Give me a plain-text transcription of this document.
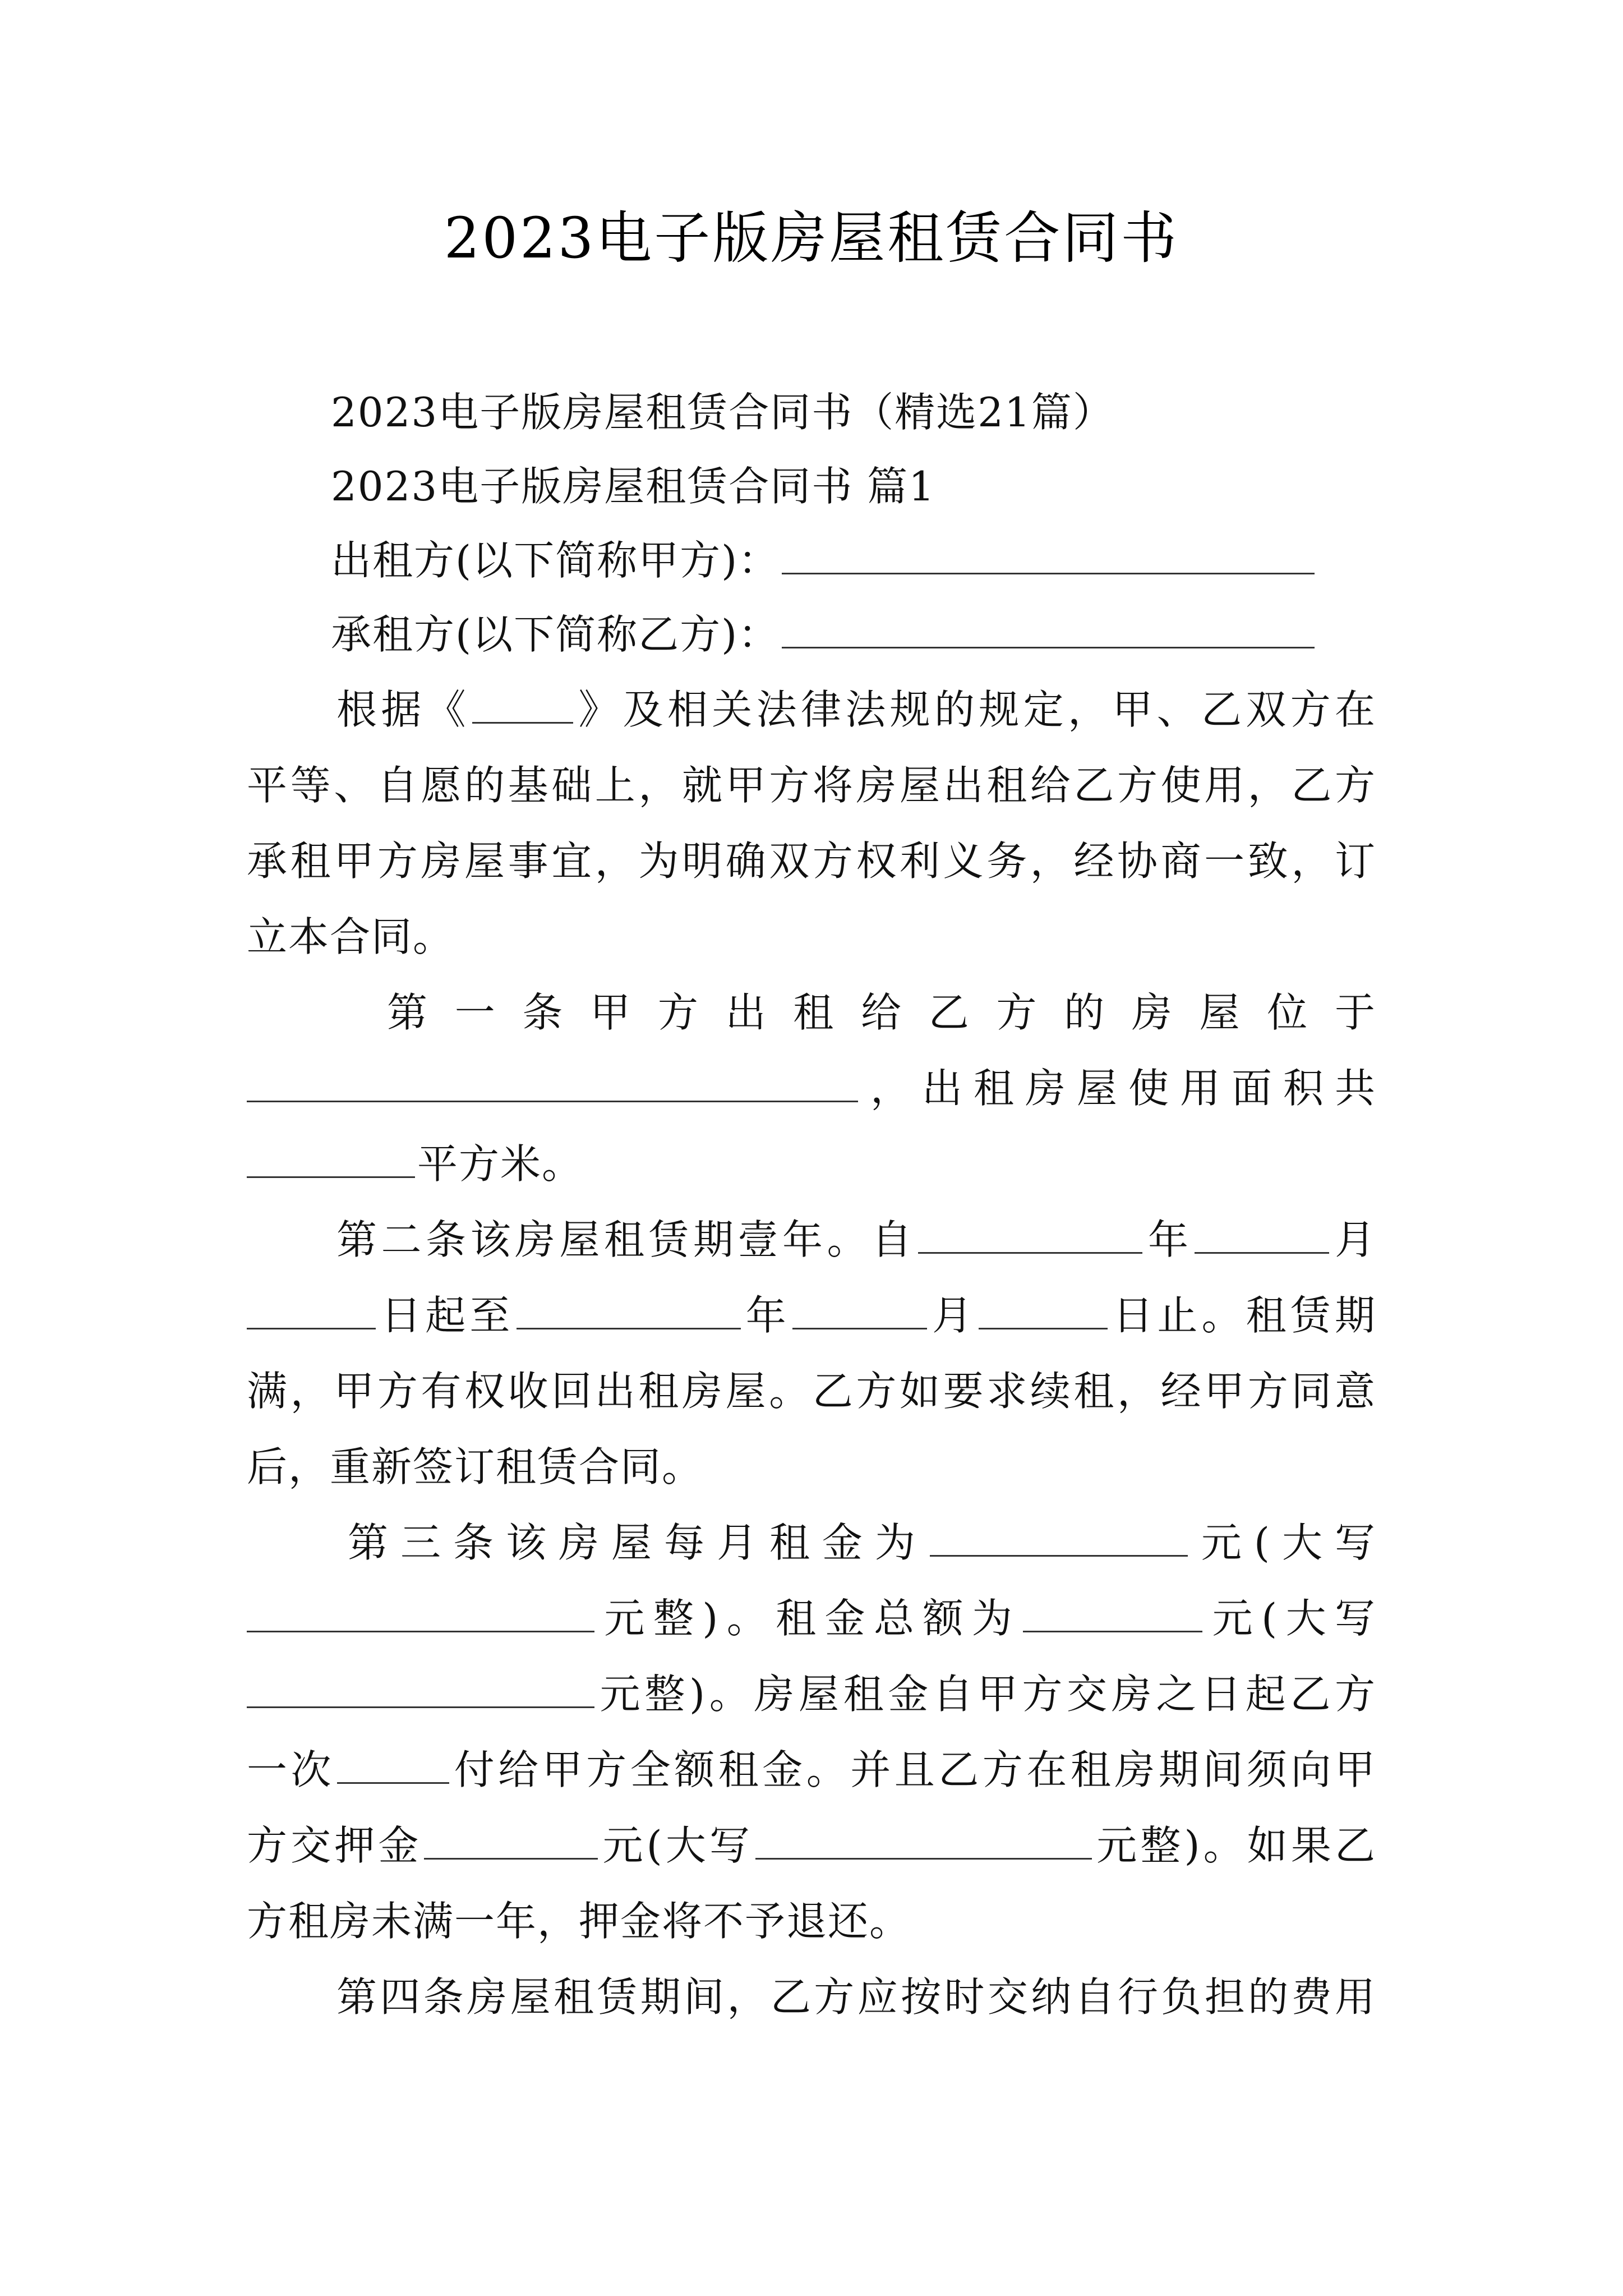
2023电子版房屋租赁合同书
2023电子版房屋租赁合同书（精选21篇）
2023电子版房屋租赁合同书 篇1
出租方(以下简称甲方)：
承租方(以下简称乙方)：
根据《	》及相关法律法规的规定，甲、乙双方在
平等、自愿的基础上，就甲方将房屋出租给乙方使用，乙方
承租甲方房屋事宜，为明确双方权利义务，经协商一致，订
立本合同。
第 一 条 甲 方 出 租 给 乙 方 的 房 屋 位 于
，出租房屋使用面积共
平方米。
第二条该房屋租赁期壹年。自	年	月
日起至	年	月	日止。租赁期
满，甲方有权收回出租房屋。乙方如要求续租，经甲方同意
后，重新签订租赁合同。
第三条该房屋每月租金为	元(大写
元整)。租金总额为	元(大写
元整)。房屋租金自甲方交房之日起乙方
一次	付给甲方全额租金。并且乙方在租房期间须向甲
方交押金	元(大写	元整)。如果乙
方租房未满一年，押金将不予退还。
第四条房屋租赁期间，乙方应按时交纳自行负担的费用
